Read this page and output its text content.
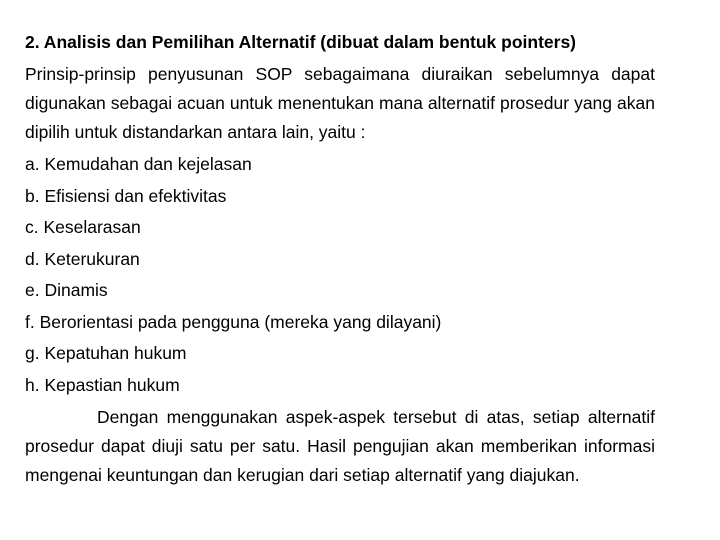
2. Analisis dan Pemilihan Alternatif (dibuat dalam bentuk pointers)

Prinsip-prinsip penyusunan SOP sebagaimana diuraikan sebelumnya dapat digunakan sebagai acuan untuk menentukan mana alternatif prosedur yang akan dipilih untuk distandarkan antara lain, yaitu :

a. Kemudahan dan kejelasan
b. Efisiensi dan efektivitas
c. Keselarasan
d. Keterukuran
e. Dinamis
f. Berorientasi pada pengguna (mereka yang dilayani)
g. Kepatuhan hukum
h. Kepastian hukum

Dengan menggunakan aspek-aspek tersebut di atas, setiap alternatif prosedur dapat diuji satu per satu. Hasil pengujian akan memberikan informasi mengenai keuntungan dan kerugian dari setiap alternatif yang diajukan.
